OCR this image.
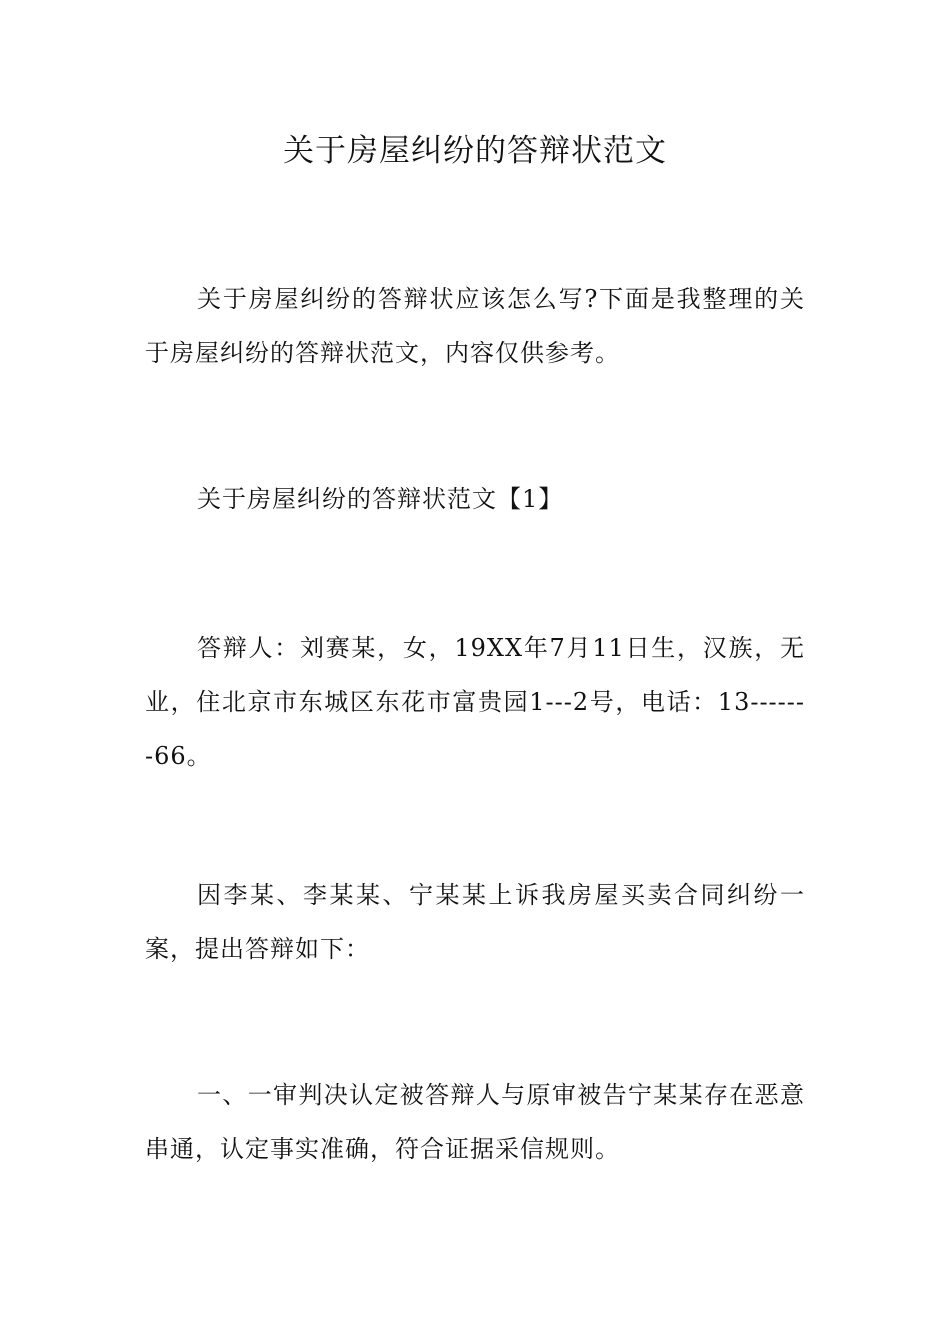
关于房屋纠纷的答辩状范文

关于房屋纠纷的答辩状应该怎么写?下面是我整理的关于房屋纠纷的答辩状范文，内容仅供参考。

关于房屋纠纷的答辩状范文【1】

答辩人：刘赛某，女，19XX年7月11日生，汉族，无业，住北京市东城区东花市富贵园1---2号，电话：13-------66。

因李某、李某某、宁某某上诉我房屋买卖合同纠纷一案，提出答辩如下：

一、一审判决认定被答辩人与原审被告宁某某存在恶意串通，认定事实准确，符合证据采信规则。
